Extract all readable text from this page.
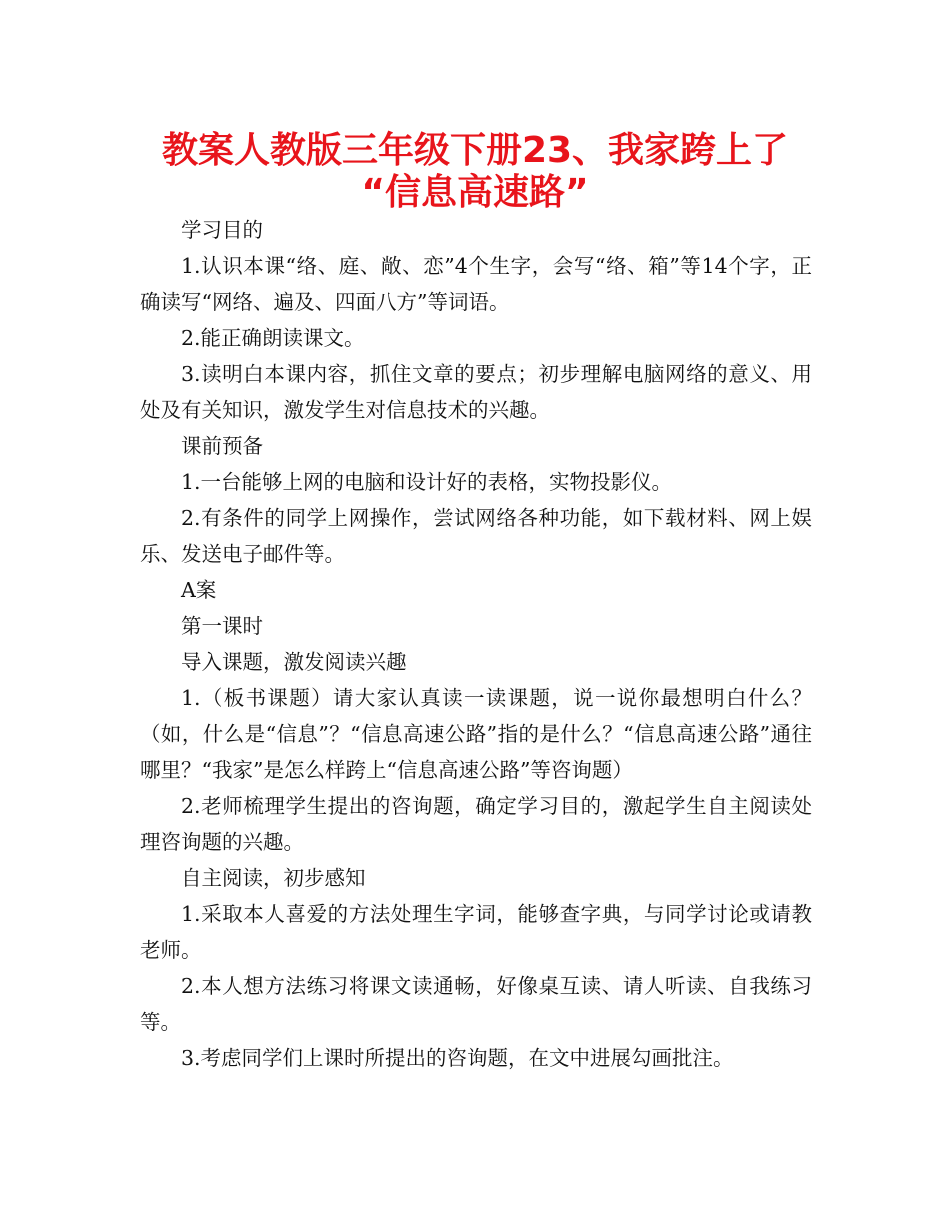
教案人教版三年级下册23、我家跨上了
“信息高速路”

学习目的

1.认识本课“络、庭、敞、恋”4个生字，会写“络、箱”等14个字，正确读写“网络、遍及、四面八方”等词语。

2.能正确朗读课文。

3.读明白本课内容，抓住文章的要点；初步理解电脑网络的意义、用处及有关知识，激发学生对信息技术的兴趣。

课前预备

1.一台能够上网的电脑和设计好的表格，实物投影仪。

2.有条件的同学上网操作，尝试网络各种功能，如下载材料、网上娱乐、发送电子邮件等。

A案

第一课时

导入课题，激发阅读兴趣

1.（板书课题）请大家认真读一读课题，说一说你最想明白什么？（如，什么是“信息”？“信息高速公路”指的是什么？“信息高速公路”通往哪里？“我家”是怎么样跨上“信息高速公路”等咨询题）

2.老师梳理学生提出的咨询题，确定学习目的，激起学生自主阅读处理咨询题的兴趣。

自主阅读，初步感知

1.采取本人喜爱的方法处理生字词，能够查字典，与同学讨论或请教老师。

2.本人想方法练习将课文读通畅，好像桌互读、请人听读、自我练习等。

3.考虑同学们上课时所提出的咨询题，在文中进展勾画批注。
